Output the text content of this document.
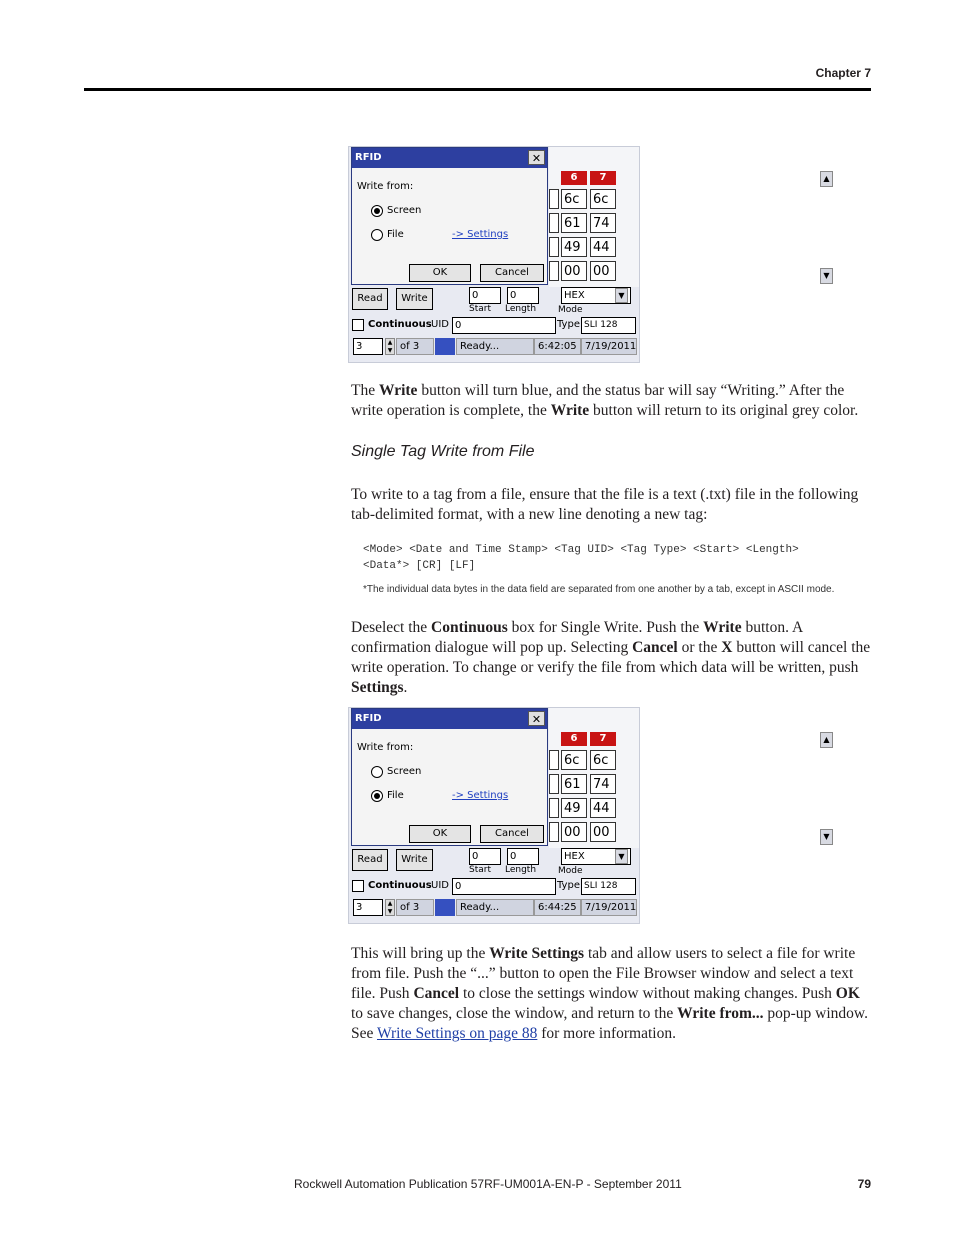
Chapter 7
6	7	▲
▼
6c	6c
61 74
49 44
00 00
RFID	✕
Write from:
Screen
File	-> Settings
OK	Cancel
Read	Write	0	0
Start Length
HEX	▼
Mode
Continuous UID 0	Type SLI 128
3	▲
▼ of 3	Ready...	6:42:05 7/19/2011

The Write button will turn blue, and the status bar will say “Writing.” After the write operation is complete, the Write button will return to its original grey color.

Single Tag Write from File

To write to a tag from a file, ensure that the file is a text (.txt) file in the following tab-delimited format, with a new line denoting a new tag:

<Mode> <Date and Time Stamp> <Tag UID> <Tag Type> <Start> <Length>

<Data*> [CR] [LF]

*The individual data bytes in the data field are separated from one another by a tab, except in ASCII mode.

Deselect the Continuous box for Single Write. Push the Write button. A confirmation dialogue will pop up. Selecting Cancel or the X button will cancel the write operation. To change or verify the file from which data will be written, push Settings.

6	7	▲
▼
6c	6c
61 74
49 44
00 00
RFID	✕
Write from:
Screen
File	-> Settings
OK	Cancel
Read	Write	0	0
Start Length
HEX	▼
Mode
Continuous UID 0	Type SLI 128
3	▲
▼ of 3	Ready...	6:44:25 7/19/2011

This will bring up the Write Settings tab and allow users to select a file for write from file. Push the “...” button to open the File Browser window and select a text file. Push Cancel to close the settings window without making changes. Push OK to save changes, close the window, and return to the Write from... pop-up window. See Write Settings on page 88 for more information.

Rockwell Automation Publication 57RF-UM001A-EN-P - September 2011	79
